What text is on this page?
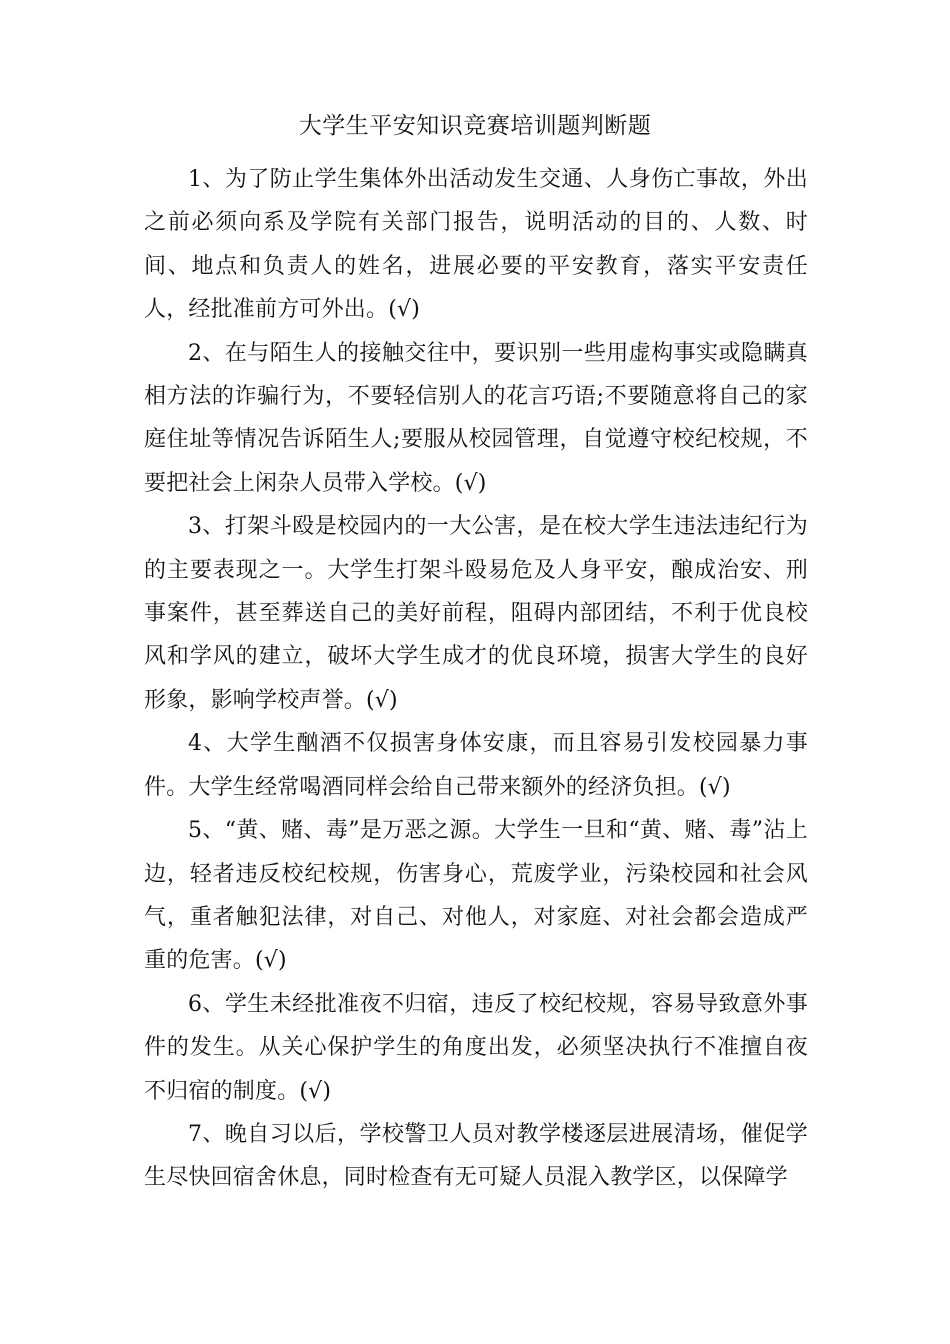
大学生平安知识竞赛培训题判断题

1、为了防止学生集体外出活动发生交通、人身伤亡事故，外出之前必须向系及学院有关部门报告，说明活动的目的、人数、时间、地点和负责人的姓名，进展必要的平安教育，落实平安责任人，经批准前方可外出。(√)

2、在与陌生人的接触交往中，要识别一些用虚构事实或隐瞒真相方法的诈骗行为，不要轻信别人的花言巧语;不要随意将自己的家庭住址等情况告诉陌生人;要服从校园管理，自觉遵守校纪校规，不要把社会上闲杂人员带入学校。(√)

3、打架斗殴是校园内的一大公害，是在校大学生违法违纪行为的主要表现之一。大学生打架斗殴易危及人身平安，酿成治安、刑事案件，甚至葬送自己的美好前程，阻碍内部团结，不利于优良校风和学风的建立，破坏大学生成才的优良环境，损害大学生的良好形象，影响学校声誉。(√)

4、大学生酗酒不仅损害身体安康，而且容易引发校园暴力事件。大学生经常喝酒同样会给自己带来额外的经济负担。(√)

5、“黄、赌、毒”是万恶之源。大学生一旦和“黄、赌、毒”沾上边，轻者违反校纪校规，伤害身心，荒废学业，污染校园和社会风气，重者触犯法律，对自己、对他人，对家庭、对社会都会造成严重的危害。(√)

6、学生未经批准夜不归宿，违反了校纪校规，容易导致意外事件的发生。从关心保护学生的角度出发，必须坚决执行不准擅自夜不归宿的制度。(√)

7、晚自习以后，学校警卫人员对教学楼逐层进展清场，催促学生尽快回宿舍休息，同时检查有无可疑人员混入教学区，以保障学
